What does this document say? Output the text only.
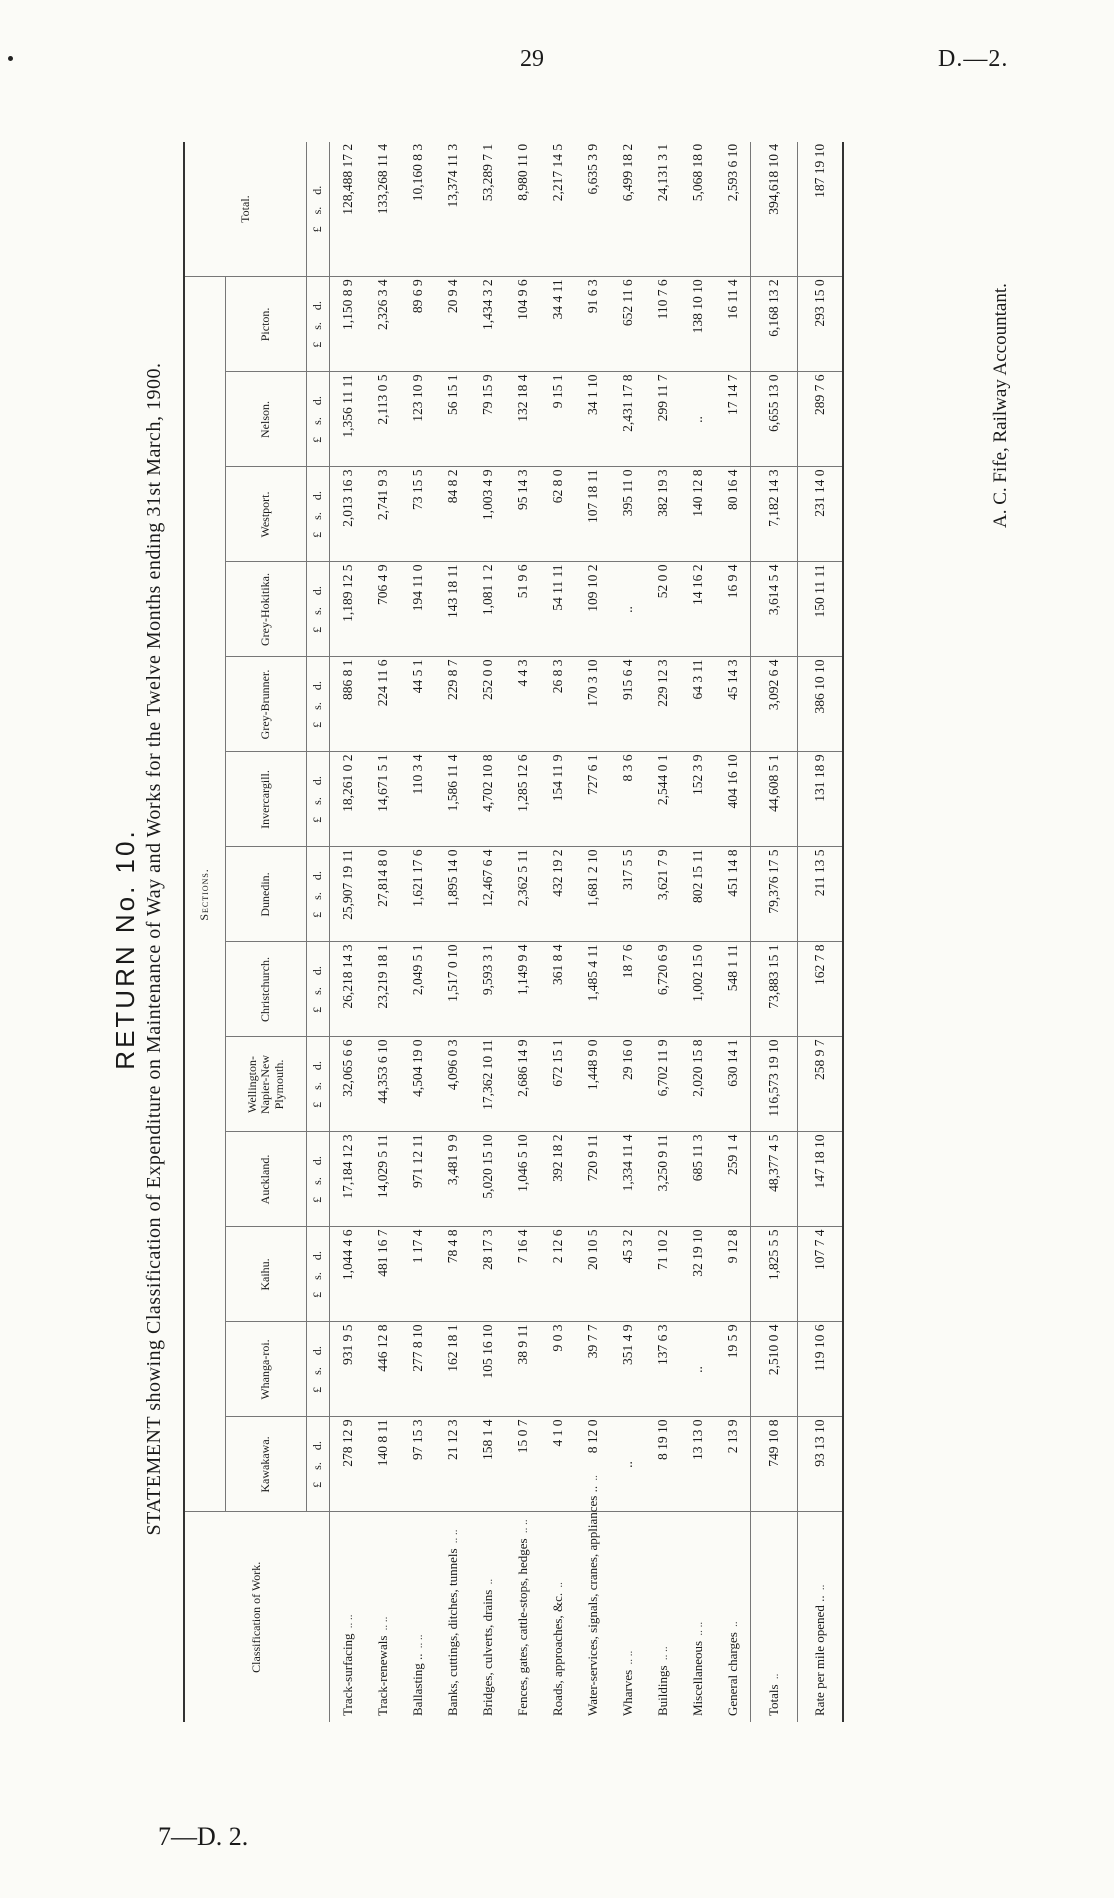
29	D.—2.
7—D. 2.
RETURN No. 10. STATEMENT showing Classification of Expenditure on Maintenance of Way and Works for the Twelve Months ending 31st March, 1900.
Classification of Work.	Sections.													Total.
	Kawakawa.	Whanga-roi.	Kaihu.	Auckland.	Wellington-Napier-New Plymouth.	Christchurch.	Dunedin.	Invercargill.	Grey-Brunner.	Grey-Hokitika.	Westport.	Nelson.	Picton.	
	£ s. d.	£ s. d.	£ s. d.	£ s. d.	£ s. d.	£ s. d.	£ s. d.	£ s. d.	£ s. d.	£ s. d.	£ s. d.	£ s. d.	£ s. d.	£ s. d.
Track-surfacing .. ..	278 12 9	931 9 5	1,044 4 6	17,184 12 3	32,065 6 6	26,218 14 3	25,907 19 11	18,261 0 2	886 8 1	1,189 12 5	2,013 16 3	1,356 11 11	1,150 8 9	128,488 17 2
Track-renewals .. ..	140 8 11	446 12 8	481 16 7	14,029 5 11	44,353 6 10	23,219 18 1	27,814 8 0	14,671 5 1	224 11 6	706 4 9	2,741 9 3	2,113 0 5	2,326 3 4	133,268 11 4
Ballasting .. .. ..	97 15 3	277 8 10	1 17 4	971 12 11	4,504 19 0	2,049 5 1	1,621 17 6	110 3 4	44 5 1	194 11 0	73 15 5	123 10 9	89 6 9	10,160 8 3
Banks, cuttings, ditches, tunnels .. ..	21 12 3	162 18 1	78 4 8	3,481 9 9	4,096 0 3	1,517 0 10	1,895 14 0	1,586 11 4	229 8 7	143 18 11	84 8 2	56 15 1	20 9 4	13,374 11 3
Bridges, culverts, drains ..	158 1 4	105 16 10	28 17 3	5,020 15 10	17,362 10 11	9,593 3 1	12,467 6 4	4,702 10 8	252 0 0	1,081 1 2	1,003 4 9	79 15 9	1,434 3 2	53,289 7 1
Fences, gates, cattle-stops, hedges .. ..	15 0 7	38 9 11	7 16 4	1,046 5 10	2,686 14 9	1,149 9 4	2,362 5 11	1,285 12 6	4 4 3	51 9 6	95 14 3	132 18 4	104 9 6	8,980 11 0
Roads, approaches, &c. ..	4 1 0	9 0 3	2 12 6	392 18 2	672 15 1	361 8 4	432 19 2	154 11 9	26 8 3	54 11 11	62 8 0	9 15 1	34 4 11	2,217 14 5
Water-services, signals, cranes, appliances .. ..	8 12 0	39 7 7	20 10 5	720 9 11	1,448 9 0	1,485 4 11	1,681 2 10	727 6 1	170 3 10	109 10 2	107 18 11	34 1 10	91 6 3	6,635 3 9
Wharves .. ..	..	351 4 9	45 3 2	1,334 11 4	29 16 0	18 7 6	317 5 5	8 3 6	915 6 4	..	395 11 0	2,431 17 8	652 11 6	6,499 18 2
Buildings .. ..	8 19 10	137 6 3	71 10 2	3,250 9 11	6,702 11 9	6,720 6 9	3,621 7 9	2,544 0 1	229 12 3	52 0 0	382 19 3	299 11 7	110 7 6	24,131 3 1
Miscellaneous .. ..	13 13 0	..	32 19 10	685 11 3	2,020 15 8	1,002 15 0	802 15 11	152 3 9	64 3 11	14 16 2	140 12 8	..	138 10 10	5,068 18 0
General charges ..	2 13 9	19 5 9	9 12 8	259 1 4	630 14 1	548 1 11	451 14 8	404 16 10	45 14 3	16 9 4	80 16 4	17 14 7	16 11 4	2,593 6 10
Totals ..	749 10 8	2,510 0 4	1,825 5 5	48,377 4 5	116,573 19 10	73,883 15 1	79,376 17 5	44,608 5 1	3,092 6 4	3,614 5 4	7,182 14 3	6,655 13 0	6,168 13 2	394,618 10 4
Rate per mile opened .. ..	93 13 10	119 10 6	107 7 4	147 18 10	258 9 7	162 7 8	211 13 5	131 18 9	386 10 10	150 11 11	231 14 0	289 7 6	293 15 0	187 19 10
A. C. Fife, Railway Accountant.
